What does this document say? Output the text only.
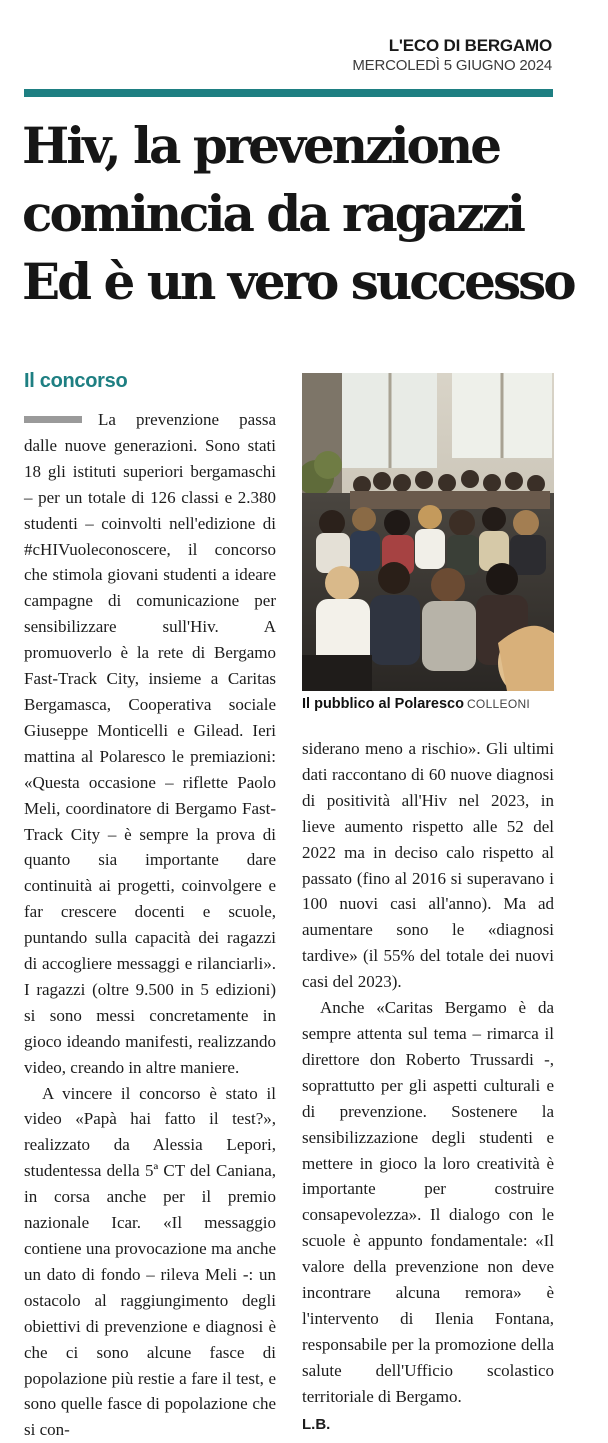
L'ECO DI BERGAMO
MERCOLEDÌ 5 GIUGNO 2024
Hiv, la prevenzione
comincia da ragazzi
Ed è un vero successo
Il concorso

La prevenzione passa dalle nuove generazioni. Sono stati 18 gli istituti superiori bergamaschi – per un totale di 126 classi e 2.380 studenti – coinvolti nell'edizione di #cHIVuoleconoscere, il concorso che stimola giovani studenti a ideare campagne di comunicazione per sensibilizzare sull'Hiv. A promuoverlo è la rete di Bergamo Fast-Track City, insieme a Caritas Bergamasca, Cooperativa sociale Giuseppe Monticelli e Gilead. Ieri mattina al Polaresco le premiazioni: «Questa occasione – riflette Paolo Meli, coordinatore di Bergamo Fast-Track City – è sempre la prova di quanto sia importante dare continuità ai progetti, coinvolgere e far crescere docenti e scuole, puntando sulla capacità dei ragazzi di accogliere messaggi e rilanciarli». I ragazzi (oltre 9.500 in 5 edizioni) si sono messi concretamente in gioco ideando manifesti, realizzando video, creando in altre maniere.

A vincere il concorso è stato il video «Papà hai fatto il test?», realizzato da Alessia Lepori, studentessa della 5ª CT del Caniana, in corsa anche per il premio nazionale Icar. «Il messaggio contiene una provocazione ma anche un dato di fondo – rileva Meli -: un ostacolo al raggiungimento degli obiettivi di prevenzione e diagnosi è che ci sono alcune fasce di popolazione più restie a fare il test, e sono quelle fasce di popolazione che si con-

Il pubblico al Polaresco COLLEONI

siderano meno a rischio». Gli ultimi dati raccontano di 60 nuove diagnosi di positività all'Hiv nel 2023, in lieve aumento rispetto alle 52 del 2022 ma in deciso calo rispetto al passato (fino al 2016 si superavano i 100 nuovi casi all'anno). Ma ad aumentare sono le «diagnosi tardive» (il 55% del totale dei nuovi casi del 2023).

Anche «Caritas Bergamo è da sempre attenta sul tema – rimarca il direttore don Roberto Trussardi -, soprattutto per gli aspetti culturali e di prevenzione. Sostenere la sensibilizzazione degli studenti e mettere in gioco la loro creatività è importante per costruire consapevolezza». Il dialogo con le scuole è appunto fondamentale: «Il valore della prevenzione non deve incontrare alcuna remora» è l'intervento di Ilenia Fontana, responsabile per la promozione della salute dell'Ufficio scolastico territoriale di Bergamo.

L.B.
